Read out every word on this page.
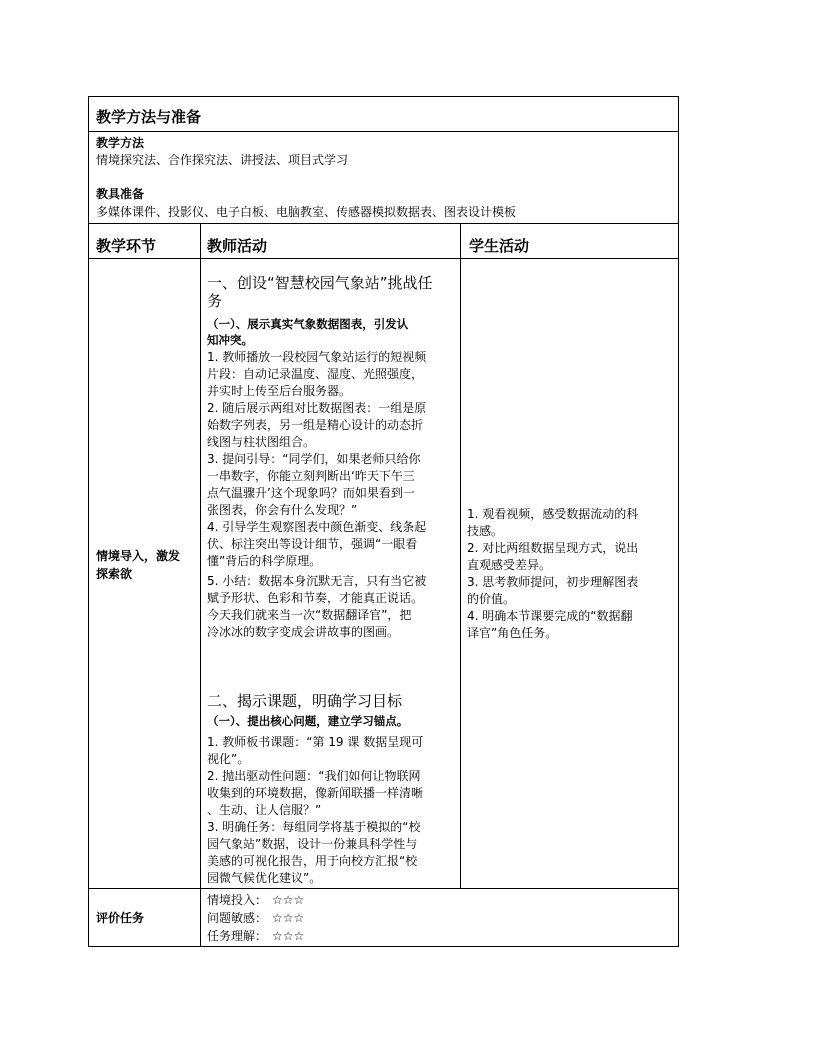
教学方法与准备
教学方法
情境探究法、合作探究法、讲授法、项目式学习
教具准备
多媒体课件、投影仪、电子白板、电脑教室、传感器模拟数据表、图表设计模板
教学环节	教师活动	学生活动
情境导入，激发
探索欲
一、创设“智慧校园气象站”挑战任
务
（一）、展示真实气象数据图表，引发认
知冲突。
1. 教师播放一段校园气象站运行的短视频
片段：自动记录温度、湿度、光照强度，
并实时上传至后台服务器。
2. 随后展示两组对比数据图表：一组是原
始数字列表，另一组是精心设计的动态折
线图与柱状图组合。
3. 提问引导：“同学们，如果老师只给你
一串数字，你能立刻判断出‘昨天下午三
点气温骤升’这个现象吗？而如果看到一
张图表，你会有什么发现？”
4. 引导学生观察图表中颜色渐变、线条起
伏、标注突出等设计细节，强调“一眼看
懂”背后的科学原理。
5. 小结：数据本身沉默无言，只有当它被
赋予形状、色彩和节奏，才能真正说话。
今天我们就来当一次“数据翻译官”，把
冷冰冰的数字变成会讲故事的图画。
二、揭示课题，明确学习目标
（一）、提出核心问题，建立学习锚点。
1. 教师板书课题：“第 19 课 数据呈现可
视化”。
2. 抛出驱动性问题：“我们如何让物联网
收集到的环境数据，像新闻联播一样清晰
、生动、让人信服？”
3. 明确任务：每组同学将基于模拟的“校
园气象站”数据，设计一份兼具科学性与
美感的可视化报告，用于向校方汇报“校
园微气候优化建议”。
1. 观看视频，感受数据流动的科
技感。
2. 对比两组数据呈现方式，说出
直观感受差异。
3. 思考教师提问，初步理解图表
的价值。
4. 明确本节课要完成的“数据翻
译官”角色任务。
评价任务
情境投入： ☆☆☆
问题敏感： ☆☆☆
任务理解： ☆☆☆
